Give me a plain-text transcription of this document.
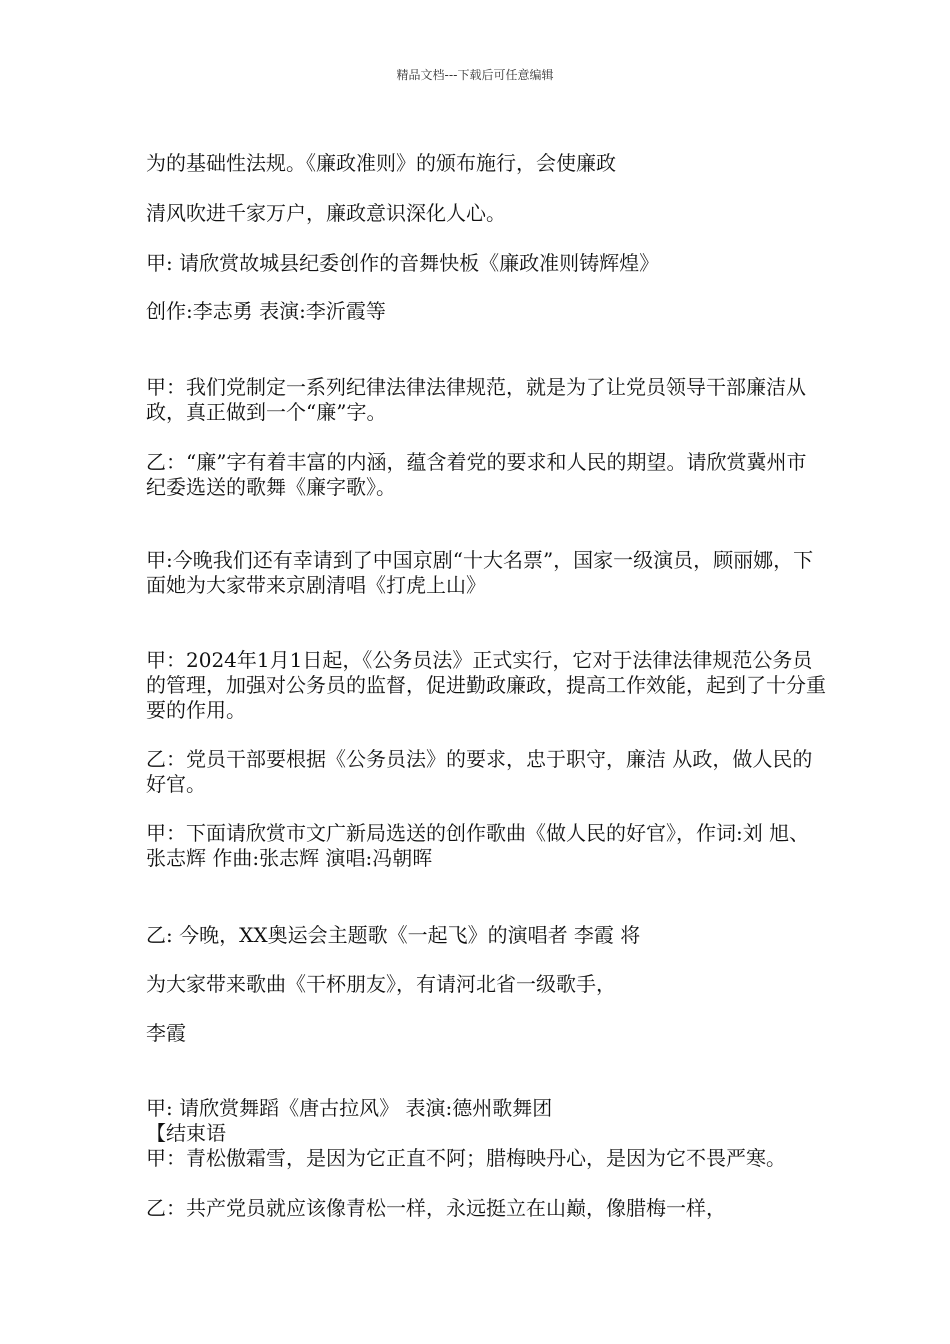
精品文档---下载后可任意编辑
为的基础性法规。《廉政准则》的颁布施行，会使廉政
清风吹进千家万户，廉政意识深化人心。
甲: 请欣赏故城县纪委创作的音舞快板《廉政准则铸辉煌》
创作:李志勇 表演:李沂霞等
甲：我们党制定一系列纪律法律法律规范，就是为了让党员领导干部廉洁从政，真正做到一个“廉”字。
乙：“廉”字有着丰富的内涵，蕴含着党的要求和人民的期望。请欣赏冀州市纪委选送的歌舞《廉字歌》。
甲:今晚我们还有幸请到了中国京剧“十大名票”，国家一级演员，顾丽娜，下面她为大家带来京剧清唱《打虎上山》
甲：2024年1月1日起，《公务员法》正式实行，它对于法律法律规范公务员的管理，加强对公务员的监督，促进勤政廉政，提高工作效能，起到了十分重要的作用。
乙：党员干部要根据《公务员法》的要求，忠于职守，廉洁 从政，做人民的好官。
甲：下面请欣赏市文广新局选送的创作歌曲《做人民的好官》，作词:刘 旭、张志辉 作曲:张志辉 演唱:冯朝晖
乙: 今晚，XX奥运会主题歌《一起飞》的演唱者 李霞 将
为大家带来歌曲《干杯朋友》，有请河北省一级歌手，
李霞
甲: 请欣赏舞蹈《唐古拉风》 表演:德州歌舞团
【结束语
甲：青松傲霜雪，是因为它正直不阿；腊梅映丹心，是因为它不畏严寒。
乙：共产党员就应该像青松一样，永远挺立在山巅，像腊梅一样，
